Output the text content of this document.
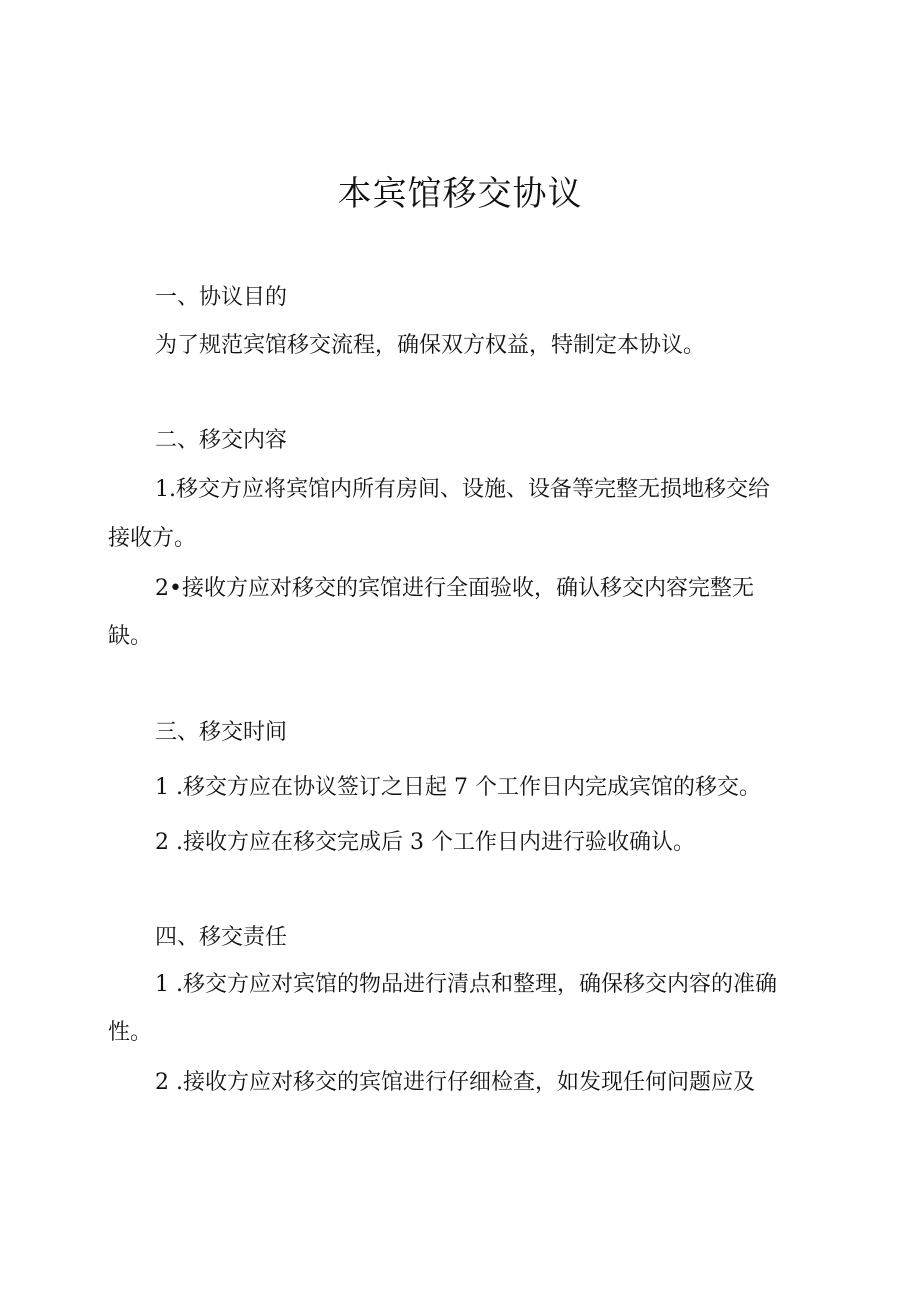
本宾馆移交协议

一、协议目的

为了规范宾馆移交流程，确保双方权益，特制定本协议。

二、移交内容

1.移交方应将宾馆内所有房间、设施、设备等完整无损地移交给

接收方。

2•接收方应对移交的宾馆进行全面验收，确认移交内容完整无

缺。

三、移交时间

1 .移交方应在协议签订之日起 7 个工作日内完成宾馆的移交。

2 .接收方应在移交完成后 3 个工作日内进行验收确认。

四、移交责任

1 .移交方应对宾馆的物品进行清点和整理，确保移交内容的准确

性。

2 .接收方应对移交的宾馆进行仔细检查，如发现任何问题应及
